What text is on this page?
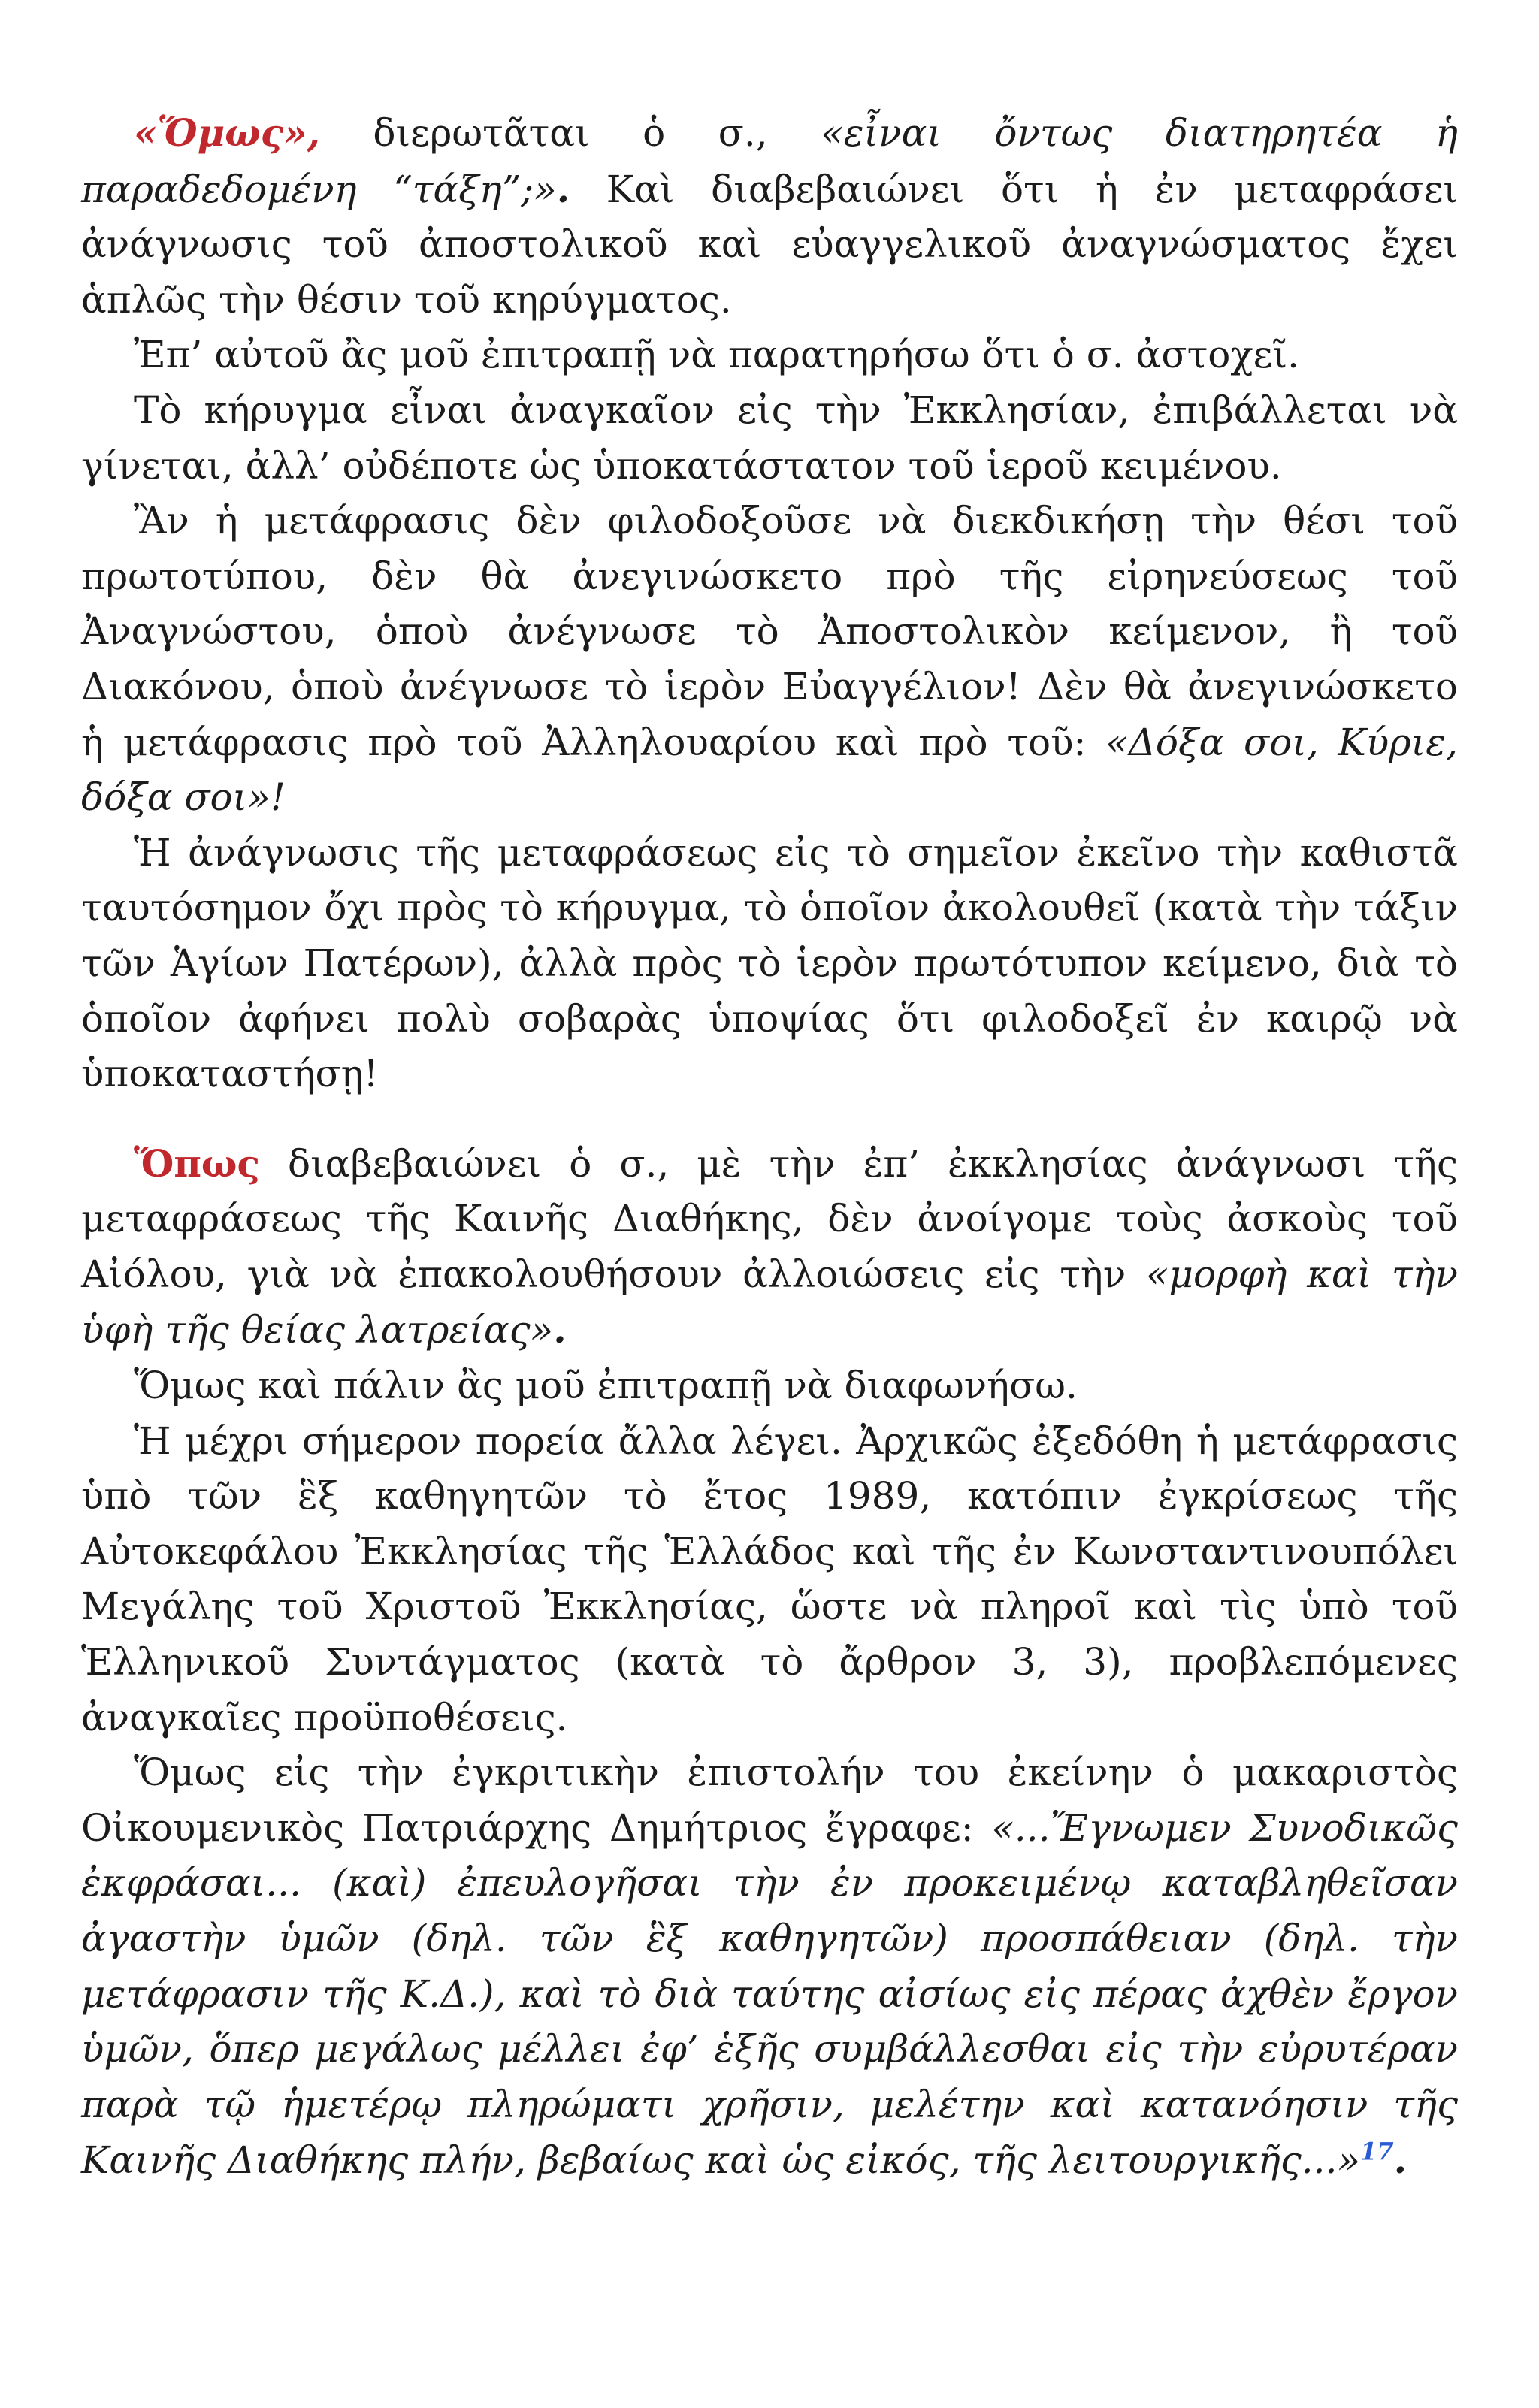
«Ὅμως», διερωτᾶται ὁ σ., «εἶναι ὄντως διατηρητέα ἡ παραδεδομένη “τάξη”;». Καὶ διαβεβαιώνει ὅτι ἡ ἐν μεταφράσει ἀνάγνωσις τοῦ ἀποστολικοῦ καὶ εὐαγγελικοῦ ἀναγνώσματος ἔχει ἁπλῶς τὴν θέσιν τοῦ κηρύγματος.

Ἐπ’ αὐτοῦ ἂς μοῦ ἐπιτραπῇ νὰ παρατηρήσω ὅτι ὁ σ. ἀστοχεῖ.

Τὸ κήρυγμα εἶναι ἀναγκαῖον εἰς τὴν Ἐκκλησίαν, ἐπιβάλλεται νὰ γίνεται, ἀλλ’ οὐδέποτε ὡς ὑποκατάστατον τοῦ ἱεροῦ κειμένου.

Ἂν ἡ μετάφρασις δὲν φιλοδοξοῦσε νὰ διεκδικήσῃ τὴν θέσι τοῦ πρωτοτύπου, δὲν θὰ ἀνεγινώσκετο πρὸ τῆς εἰρηνεύσεως τοῦ Ἀναγνώστου, ὁποὺ ἀνέγνωσε τὸ Ἀποστολικὸν κείμενον, ἢ τοῦ Διακόνου, ὁποὺ ἀνέγνωσε τὸ ἱερὸν Εὐαγγέλιον! Δὲν θὰ ἀνεγινώσκετο ἡ μετάφρασις πρὸ τοῦ Ἀλληλουαρίου καὶ πρὸ τοῦ: «Δόξα σοι, Κύριε, δόξα σοι»!

Ἡ ἀνάγνωσις τῆς μεταφράσεως εἰς τὸ σημεῖον ἐκεῖνο τὴν καθιστᾶ ταυτόσημον ὄχι πρὸς τὸ κήρυγμα, τὸ ὁποῖον ἀκολουθεῖ (κατὰ τὴν τάξιν τῶν Ἁγίων Πατέρων), ἀλλὰ πρὸς τὸ ἱερὸν πρωτότυπον κείμενο, διὰ τὸ ὁποῖον ἀφήνει πολὺ σοβαρὰς ὑποψίας ὅτι φιλοδοξεῖ ἐν καιρῷ νὰ ὑποκαταστήσῃ!

Ὅπως διαβεβαιώνει ὁ σ., μὲ τὴν ἐπ’ ἐκκλησίας ἀνάγνωσι τῆς μεταφράσεως τῆς Καινῆς Διαθήκης, δὲν ἀνοίγομε τοὺς ἀσκοὺς τοῦ Αἰόλου, γιὰ νὰ ἐπακολουθήσουν ἀλλοιώσεις εἰς τὴν «μορφὴ καὶ τὴν ὑφὴ τῆς θείας λατρείας».

Ὅμως καὶ πάλιν ἂς μοῦ ἐπιτραπῇ νὰ διαφωνήσω.

Ἡ μέχρι σήμερον πορεία ἄλλα λέγει. Ἀρχικῶς ἐξεδόθη ἡ μετάφρασις ὑπὸ τῶν ἓξ καθηγητῶν τὸ ἔτος 1989, κατόπιν ἐγκρίσεως τῆς Αὐτοκεφάλου Ἐκκλησίας τῆς Ἑλλάδος καὶ τῆς ἐν Κωνσταντινουπόλει Μεγάλης τοῦ Χριστοῦ Ἐκκλησίας, ὥστε νὰ πληροῖ καὶ τὶς ὑπὸ τοῦ Ἑλληνικοῦ Συντάγματος (κατὰ τὸ ἄρθρον 3, 3), προβλεπόμενες ἀναγκαῖες προϋποθέσεις.

Ὅμως εἰς τὴν ἐγκριτικὴν ἐπιστολήν του ἐκείνην ὁ μακαριστὸς Οἰκουμενικὸς Πατριάρχης Δημήτριος ἔγραφε: «...Ἔγνωμεν Συνοδικῶς ἐκφράσαι... (καὶ) ἐπευλογῆσαι τὴν ἐν προκειμένῳ καταβληθεῖσαν ἀγαστὴν ὑμῶν (δηλ. τῶν ἓξ καθηγητῶν) προσπάθειαν (δηλ. τὴν μετάφρασιν τῆς Κ.Δ.), καὶ τὸ διὰ ταύτης αἰσίως εἰς πέρας ἀχθὲν ἔργον ὑμῶν, ὅπερ μεγάλως μέλλει ἐφ’ ἑξῆς συμβάλλεσθαι εἰς τὴν εὐρυτέραν παρὰ τῷ ἡμετέρῳ πληρώματι χρῆσιν, μελέτην καὶ κατανόησιν τῆς Καινῆς Διαθήκης πλήν, βεβαίως καὶ ὡς εἰκός, τῆς λειτουργικῆς...»$^{17}$.
